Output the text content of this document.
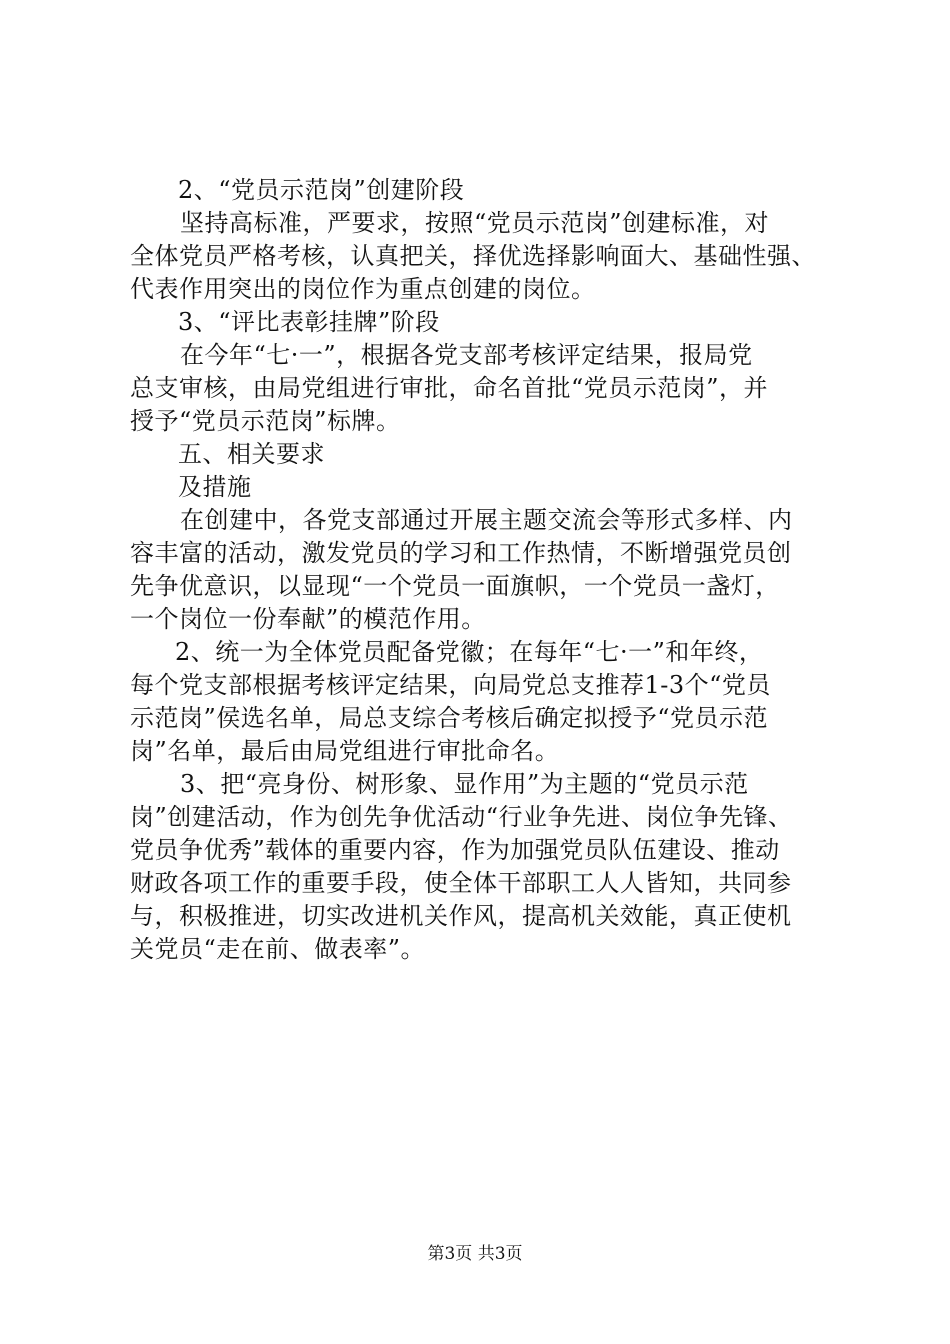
2、“党员示范岗”创建阶段
坚持高标准，严要求，按照“党员示范岗”创建标准，对
全体党员严格考核，认真把关，择优选择影响面大、基础性强、
代表作用突出的岗位作为重点创建的岗位。
3、“评比表彰挂牌”阶段
在今年“七·一”，根据各党支部考核评定结果，报局党
总支审核，由局党组进行审批，命名首批“党员示范岗”，并
授予“党员示范岗”标牌。
五、相关要求
及措施
在创建中，各党支部通过开展主题交流会等形式多样、内
容丰富的活动，激发党员的学习和工作热情，不断增强党员创
先争优意识，以显现“一个党员一面旗帜，一个党员一盏灯，
一个岗位一份奉献”的模范作用。
2、统一为全体党员配备党徽；在每年“七·一”和年终，
每个党支部根据考核评定结果，向局党总支推荐1-3个“党员
示范岗”侯选名单，局总支综合考核后确定拟授予“党员示范
岗”名单，最后由局党组进行审批命名。
3、把“亮身份、树形象、显作用”为主题的“党员示范
岗”创建活动，作为创先争优活动“行业争先进、岗位争先锋、
党员争优秀”载体的重要内容，作为加强党员队伍建设、推动
财政各项工作的重要手段，使全体干部职工人人皆知，共同参
与，积极推进，切实改进机关作风，提高机关效能，真正使机
关党员“走在前、做表率”。
第3页 共3页
